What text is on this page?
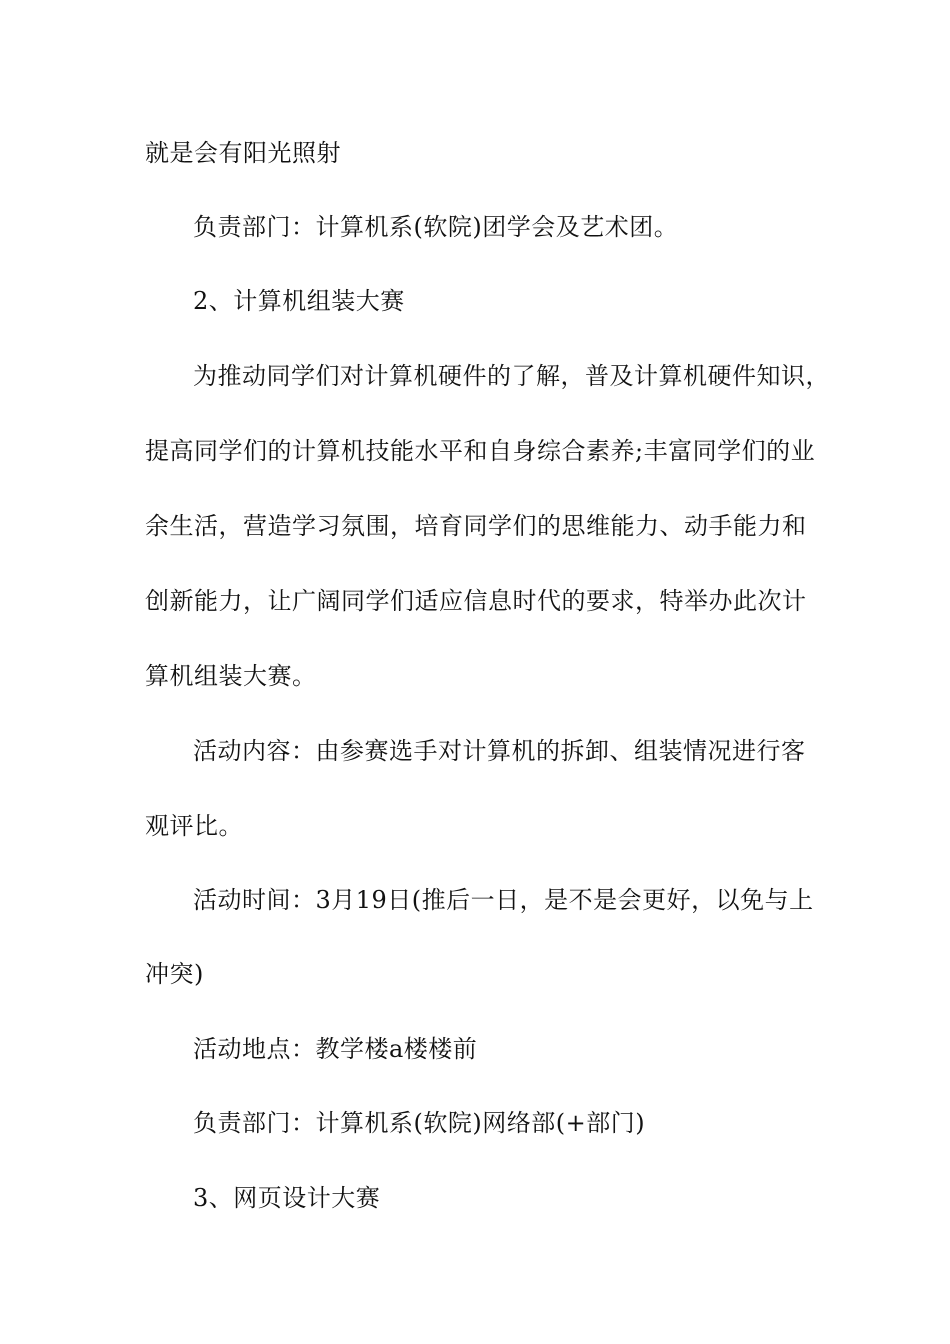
就是会有阳光照射
负责部门：计算机系(软院)团学会及艺术团。
2、计算机组装大赛
为推动同学们对计算机硬件的了解，普及计算机硬件知识，
提高同学们的计算机技能水平和自身综合素养;丰富同学们的业
余生活，营造学习氛围，培育同学们的思维能力、动手能力和
创新能力，让广阔同学们适应信息时代的要求，特举办此次计
算机组装大赛。
活动内容：由参赛选手对计算机的拆卸、组装情况进行客
观评比。
活动时间：3月19日(推后一日，是不是会更好，以免与上
冲突)
活动地点：教学楼a楼楼前
负责部门：计算机系(软院)网络部(+部门)
3、网页设计大赛
